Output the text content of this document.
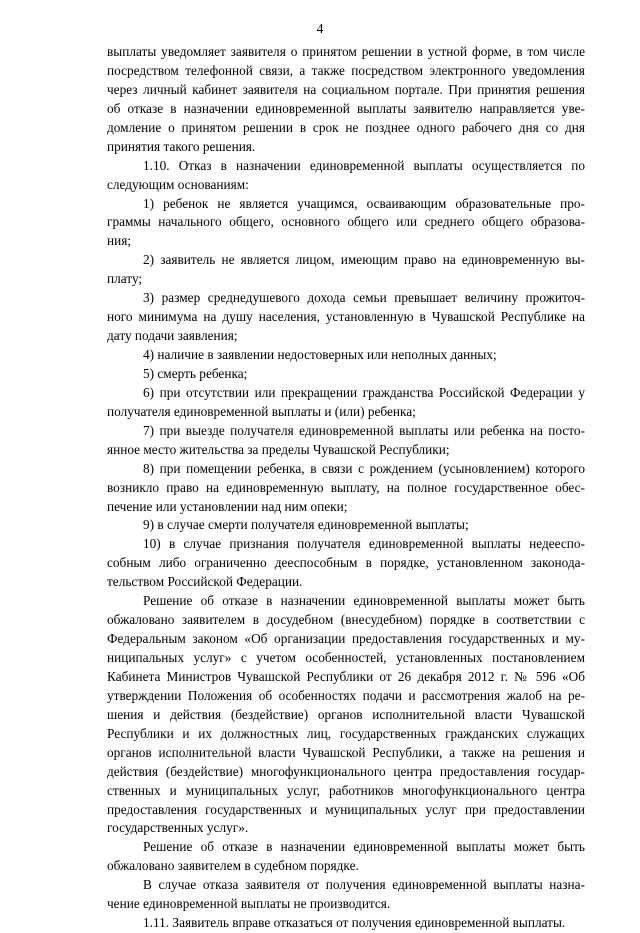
4
выплаты уведомляет заявителя о принятом решении в устной форме, в том числе
посредством телефонной связи, а также посредством электронного уведомления
через личный кабинет заявителя на социальном портале. При принятия решения
об отказе в назначении единовременной выплаты заявителю направляется уве-
домление о принятом решении в срок не позднее одного рабочего дня со дня
принятия такого решения.
1.10. Отказ в назначении единовременной выплаты осуществляется по
следующим основаниям:
1) ребенок не является учащимся, осваивающим образовательные про-
граммы начального общего, основного общего или среднего общего образова-
ния;
2) заявитель не является лицом, имеющим право на единовременную вы-
плату;
3) размер среднедушевого дохода семьи превышает величину прожиточ-
ного минимума на душу населения, установленную в Чувашской Республике на
дату подачи заявления;
4) наличие в заявлении недостоверных или неполных данных;
5) смерть ребенка;
6) при отсутствии или прекращении гражданства Российской Федерации у
получателя единовременной выплаты и (или) ребенка;
7) при выезде получателя единовременной выплаты или ребенка на посто-
янное место жительства за пределы Чувашской Республики;
8) при помещении ребенка, в связи с рождением (усыновлением) которого
возникло право на единовременную выплату, на полное государственное обес-
печение или установлении над ним опеки;
9) в случае смерти получателя единовременной выплаты;
10) в случае признания получателя единовременной выплаты недееспо-
собным либо ограниченно дееспособным в порядке, установленном законода-
тельством Российской Федерации.
Решение об отказе в назначении единовременной выплаты может быть
обжаловано заявителем в досудебном (внесудебном) порядке в соответствии с
Федеральным законом «Об организации предоставления государственных и му-
ниципальных услуг» с учетом особенностей, установленных постановлением
Кабинета Министров Чувашской Республики от 26 декабря 2012 г. № 596 «Об
утверждении Положения об особенностях подачи и рассмотрения жалоб на ре-
шения и действия (бездействие) органов исполнительной власти Чувашской
Республики и их должностных лиц, государственных гражданских служащих
органов исполнительной власти Чувашской Республики, а также на решения и
действия (бездействие) многофункционального центра предоставления государ-
ственных и муниципальных услуг, работников многофункционального центра
предоставления государственных и муниципальных услуг при предоставлении
государственных услуг».
Решение об отказе в назначении единовременной выплаты может быть
обжаловано заявителем в судебном порядке.
В случае отказа заявителя от получения единовременной выплаты назна-
чение единовременной выплаты не производится.
1.11. Заявитель вправе отказаться от получения единовременной выплаты.
